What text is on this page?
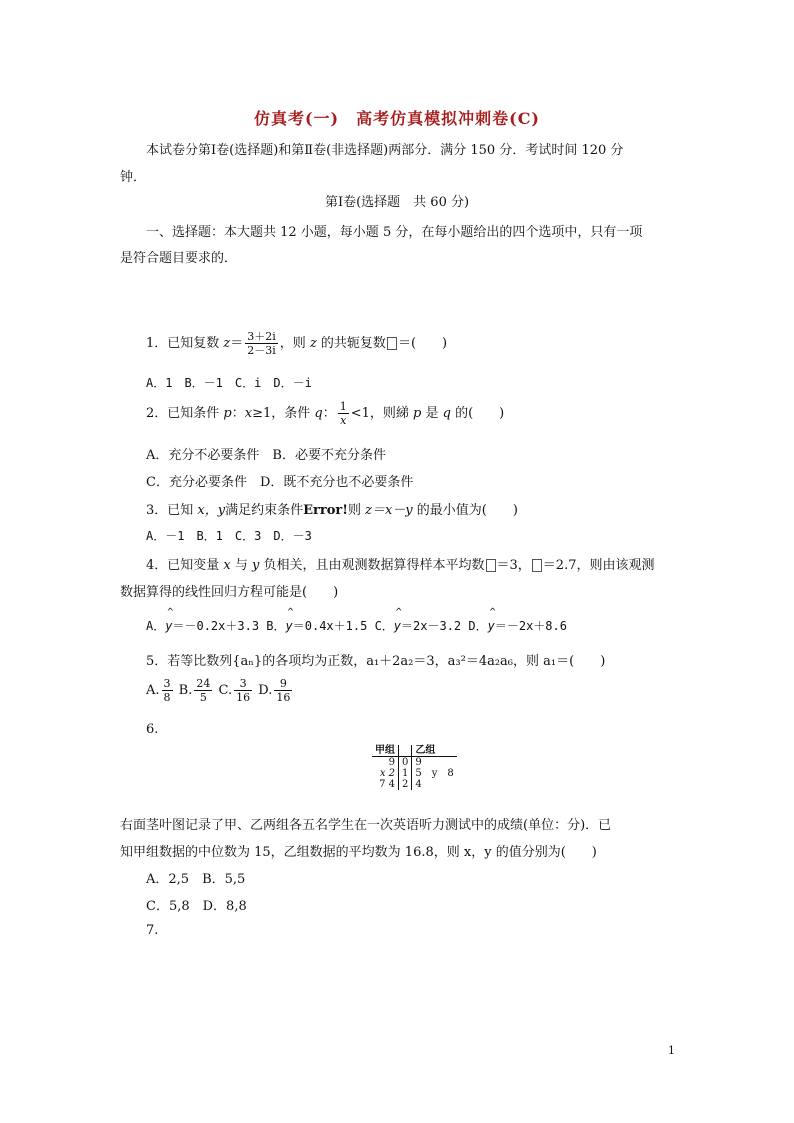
仿真考(一)　高考仿真模拟冲刺卷(C)
本试卷分第Ⅰ卷(选择题)和第Ⅱ卷(非选择题)两部分．满分 150 分．考试时间 120 分
钟．
第Ⅰ卷(选择题　共 60 分)
一、选择题：本大题共 12 小题，每小题 5 分，在每小题给出的四个选项中，只有一项
是符合题目要求的．
1．已知复数 $z= \frac{3+2i}{2-3i}$ ，则 z 的共轭复数 ＝(　　)
A．1　B．－1　C．i　D．－i
2．已知条件 p：x≥1，条件 q： $\frac{1}{x} <1$，则綈 p 是 q 的(　　)
A．充分不必要条件　B．必要不充分条件
C．充分必要条件　D．既不充分也不必要条件
3．已知 x，y满足约束条件Error!则 z＝x－y 的最小值为(　　)
A．－1　B．1　C．3　D．－3
4．已知变量 x 与 y 负相关，且由观测数据算得样本平均数 ＝3， ＝2.7，则由该观测
数据算得的线性回归方程可能是(　　)
A．^ y＝－0.2x＋3.3 B．^ y＝0.4x＋1.5 C．^ y＝2x－3.2 D．^ y＝－2x＋8.6
5．若等比数列{aₙ}的各项均为正数，a₁＋2a₂＝3，a₃²＝4a₂a₆，则 a₁＝(　　)
A. $\frac{3}{8} B$. $\frac{24}{5} C$. $\frac{3}{16} D$. $\frac{9}{16}$
6.
甲组		乙组
9	0	9
x 2	1	5　y　8
7 4	2	4
右面茎叶图记录了甲、乙两组各五名学生在一次英语听力测试中的成绩(单位：分)．已
知甲组数据的中位数为 15，乙组数据的平均数为 16.8，则 x，y 的值分别为(　　)
A．2,5　B．5,5
C．5,8　D．8,8
7.
1
